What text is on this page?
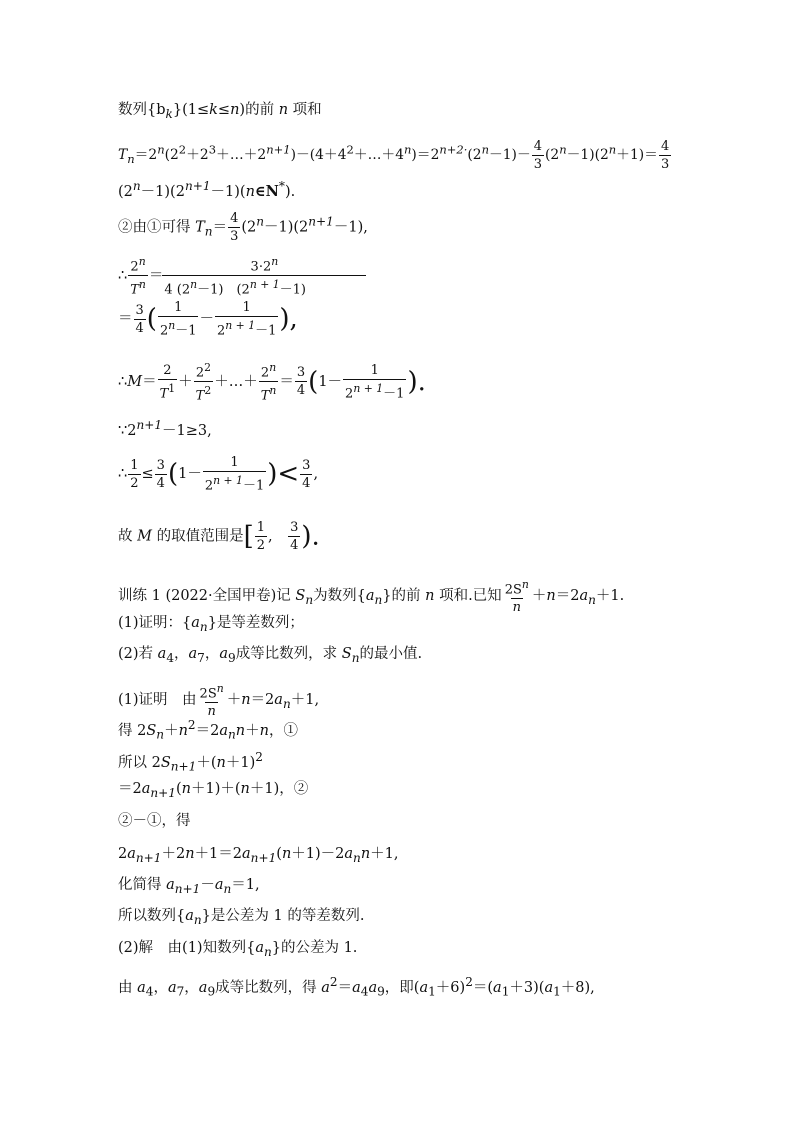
数列$\{b_k\}(1\le k\le n)$的前 n 项和
$T_n=2^n(2^2+2^3+\dots+2^{n+1})-(4+4^2+\dots+4^n)=2^{n+2\cdot}(2^n-1)- \frac{4}{3} (2^n-1)(2^n+1)= \frac{4}{3}$
$(2^n-1)(2^{n+1}-1)(n\in N^*)$.
②由①可得 $T_n= \frac{4}{3} (2^n-1)(2^{n+1}-1)$,
∴ $\frac{2^n}{T^n} = \frac{3\cdot 2^n}{4 (2^n-1) (2^{n + 1}-1)}$
＝ $\frac{3}{4}$ ( $\frac{1}{2^n-1} - \frac{1}{2^{n + 1}-1}$ ),
∴M＝ $\frac{2}{T^1} + \frac{2^2}{T^2}$ ＋…＋ $\frac{2^n}{T^n} = \frac{3}{4} (1- \frac{1}{2^{n + 1}-1}$ ).
$\because 2^{n+1}-1\ge 3$,
∴ $\frac{1}{2} \le \frac{3}{4} (1- \frac{1}{2^{n + 1}-1}$ )< $\frac{3}{4}$ ,
故 M 的取值范围是[ $\frac{1}{2}$ ,　 $\frac{3}{4}$ ).
训练 1 (2022·全国甲卷)记 $S_n$为数列$\{a_n\}$的前 n 项和.已知 $\frac{2S^n}{n} +n=2a_n+1$.
(1)证明：$\{a_n\}$是等差数列；
(2)若 $a_4$，$a_7$，$a_9$成等比数列，求 $S_n$的最小值.
(1)证明　由 $\frac{2S^n}{n} +n=2a_n+1$,
得 $2S_n+n^2=2a_nn+n$，①
所以 $2S_{n+1}+(n+1)^2$
$=2a_{n+1}(n+1)+(n+1)$，②
②－①，得
$2a_{n+1}+2n+1=2a_{n+1}(n+1)-2a_nn+1$,
化简得 $a_{n+1}-a_n=1$,
所以数列$\{a_n\}$是公差为 1 的等差数列.
(2)解　由(1)知数列$\{a_n\}$的公差为 1.
由 $a_4$，$a_7$，$a_9$成等比数列，得 $a^2=a_4a_9$，即$(a_1+6)^2=(a_1+3)(a_1+8)$,
